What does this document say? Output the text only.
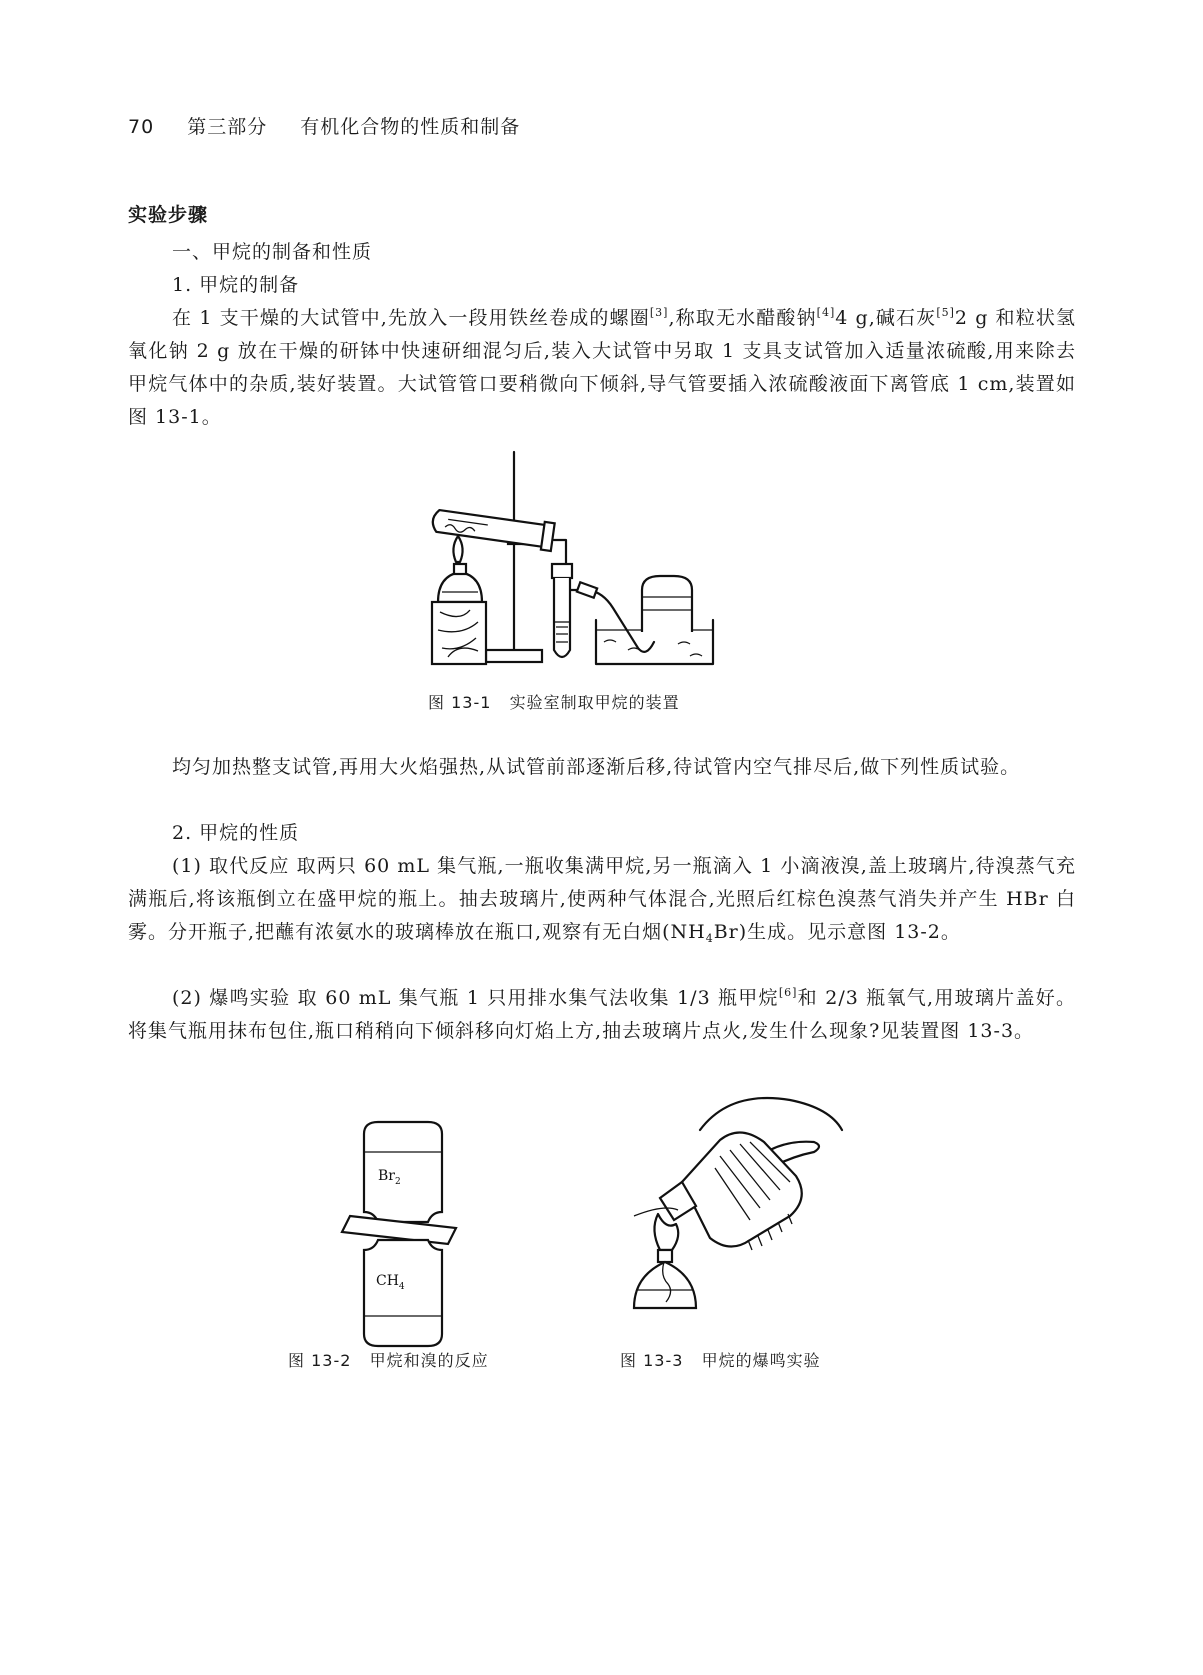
70 第三部分 有机化合物的性质和制备
实验步骤

一、甲烷的制备和性质

1. 甲烷的制备

在 1 支干燥的大试管中,先放入一段用铁丝卷成的螺圈[3],称取无水醋酸钠[4]4 g,碱石灰[5]2 g 和粒状氢氧化钠 2 g 放在干燥的研钵中快速研细混匀后,装入大试管中另取 1 支具支试管加入适量浓硫酸,用来除去甲烷气体中的杂质,装好装置。大试管管口要稍微向下倾斜,导气管要插入浓硫酸液面下离管底 1 cm,装置如图 13-1。

图 13-1 实验室制取甲烷的装置

均匀加热整支试管,再用大火焰强热,从试管前部逐渐后移,待试管内空气排尽后,做下列性质试验。

2. 甲烷的性质

(1) 取代反应 取两只 60 mL 集气瓶,一瓶收集满甲烷,另一瓶滴入 1 小滴液溴,盖上玻璃片,待溴蒸气充满瓶后,将该瓶倒立在盛甲烷的瓶上。抽去玻璃片,使两种气体混合,光照后红棕色溴蒸气消失并产生 HBr 白雾。分开瓶子,把蘸有浓氨水的玻璃棒放在瓶口,观察有无白烟$(NH_4Br)$生成。见示意图 13-2。

(2) 爆鸣实验 取 60 mL 集气瓶 1 只用排水集气法收集 1/3 瓶甲烷[6]和 2/3 瓶氧气,用玻璃片盖好。将集气瓶用抹布包住,瓶口稍稍向下倾斜移向灯焰上方,抽去玻璃片点火,发生什么现象?见装置图 13-3。

$Br_2$
$CH_4$
图 13-2 甲烷和溴的反应	图 13-3 甲烷的爆鸣实验
